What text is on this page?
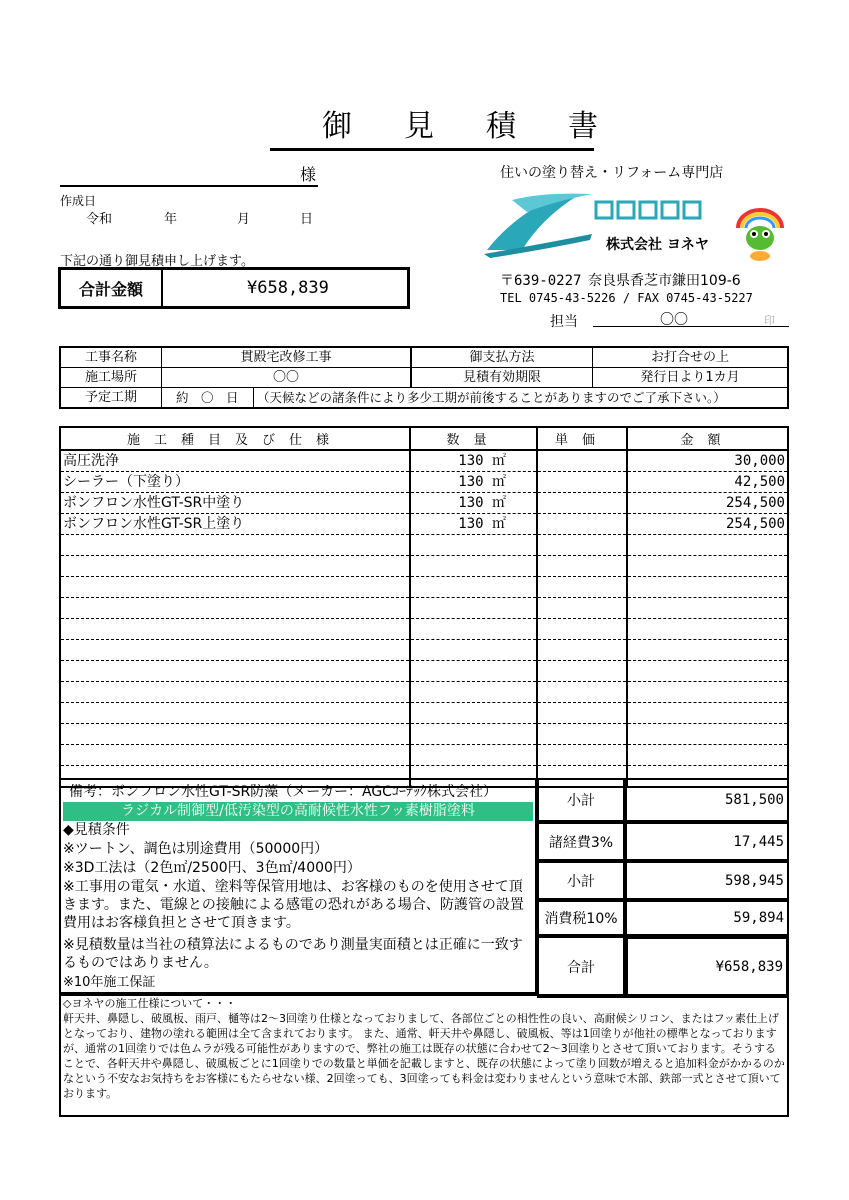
御見積書
様
作成日
令和	年	月	日
下記の通り御見積申し上げます。
合計金額	¥658,839
住いの塗り替え・リフォーム専門店
株式会社 ヨネヤ
〒639-0227 奈良県香芝市鎌田109-6
TEL 0745-43-5226 / FAX 0745-43-5227
担当	〇〇	印
工事名称	貫殿宅改修工事	御支払方法	お打合せの上
施工場所	〇〇	見積有効期限	発行日より1カ月
予定工期	約　〇　日 （天候などの諸条件により多少工期が前後することがありますのでご了承下さい。）		
施工種目及び仕様	数量	単価	金額
高圧洗浄	130 ㎡		30,000
シーラー（下塗り）	130 ㎡		42,500
ボンフロン水性GT-SR中塗り	130 ㎡		254,500
ボンフロン水性GT-SR上塗り	130 ㎡		254,500

備考：ボンフロン水性GT-SR防藻（メーカー：AGCｺｰﾃｯｸ株式会社）
ラジカル制御型/低汚染型の高耐候性水性フッ素樹脂塗料
◆見積条件
※ツートン、調色は別途費用（50000円）
※3D工法は（2色㎡/2500円、3色㎡/4000円）
※工事用の電気・水道、塗料等保管用地は、お客様のものを使用させて頂きます。また、電線との接触による感電の恐れがある場合、防護管の設置費用はお客様負担とさせて頂きます。
※見積数量は当社の積算法によるものであり測量実面積とは正確に一致するものではありません。
※10年施工保証
小計	581,500
諸経費3%	17,445
小計	598,945
消費税10%	59,894
合計	¥658,839
◇ヨネヤの施工仕様について・・・
軒天井、鼻隠し、破風板、雨戸、樋等は2～3回塗り仕様となっておりまして、各部位ごとの相性性の良い、高耐候シリコン、またはフッ素仕上げとなっており、建物の塗れる範囲は全て含まれております。 また、通常、軒天井や鼻隠し、破風板、等は1回塗りが他社の標準となっておりますが、通常の1回塗りでは色ムラが残る可能性がありますので、弊社の施工は既存の状態に合わせて2～3回塗りとさせて頂いております。そうすることで、各軒天井や鼻隠し、破風板ごとに1回塗りでの数量と単価を記載しますと、既存の状態によって塗り回数が増えると追加料金がかかるのかなという不安なお気持ちをお客様にもたらせない様、2回塗っても、3回塗っても料金は変わりませんという意味で木部、鉄部一式とさせて頂いております。
